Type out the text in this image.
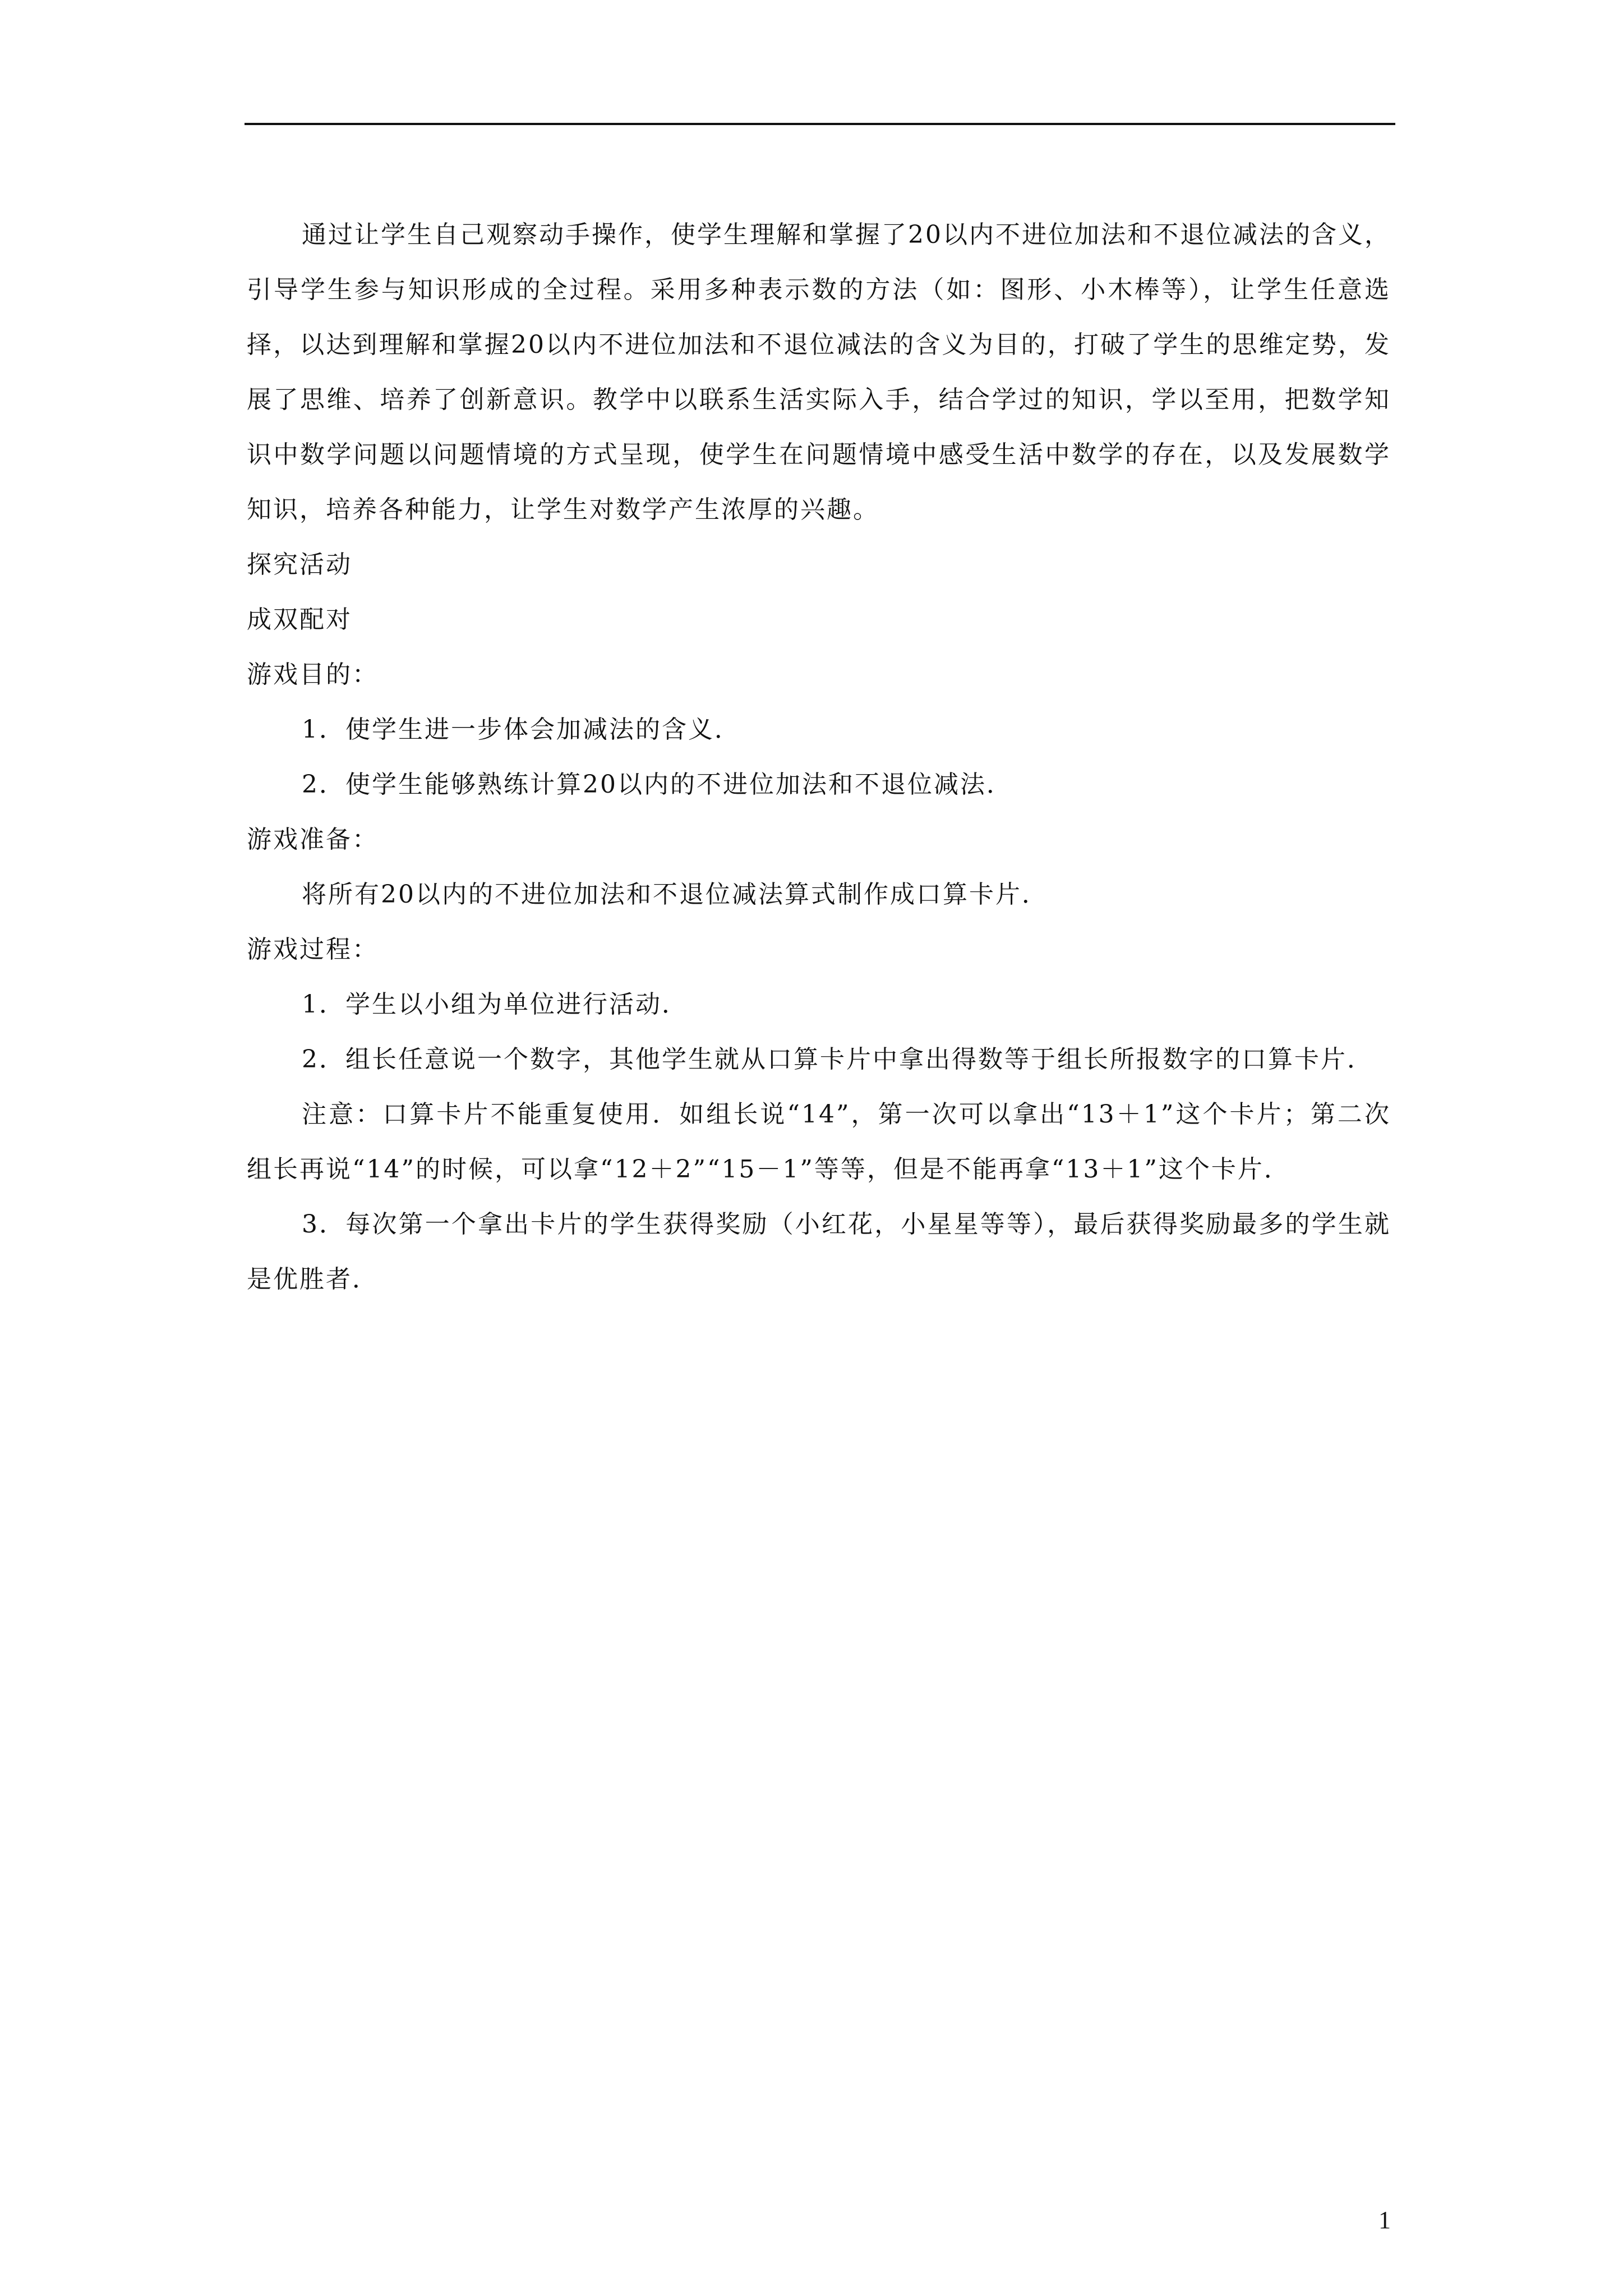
通过让学生自己观察动手操作，使学生理解和掌握了20以内不进位加法和不退位减法的含义，引导学生参与知识形成的全过程。采用多种表示数的方法（如：图形、小木棒等），让学生任意选择，以达到理解和掌握20以内不进位加法和不退位减法的含义为目的，打破了学生的思维定势，发展了思维、培养了创新意识。教学中以联系生活实际入手，结合学过的知识，学以至用，把数学知识中数学问题以问题情境的方式呈现，使学生在问题情境中感受生活中数学的存在，以及发展数学知识，培养各种能力，让学生对数学产生浓厚的兴趣。

探究活动

成双配对

游戏目的：

1．使学生进一步体会加减法的含义．

2．使学生能够熟练计算20以内的不进位加法和不退位减法．

游戏准备：

将所有20以内的不进位加法和不退位减法算式制作成口算卡片．

游戏过程：

1．学生以小组为单位进行活动．

2．组长任意说一个数字，其他学生就从口算卡片中拿出得数等于组长所报数字的口算卡片．

注意：口算卡片不能重复使用．如组长说“14”，第一次可以拿出“13＋1”这个卡片；第二次组长再说“14”的时候，可以拿“12＋2”“15－1”等等，但是不能再拿“13＋1”这个卡片．

3．每次第一个拿出卡片的学生获得奖励（小红花，小星星等等），最后获得奖励最多的学生就是优胜者．

1
